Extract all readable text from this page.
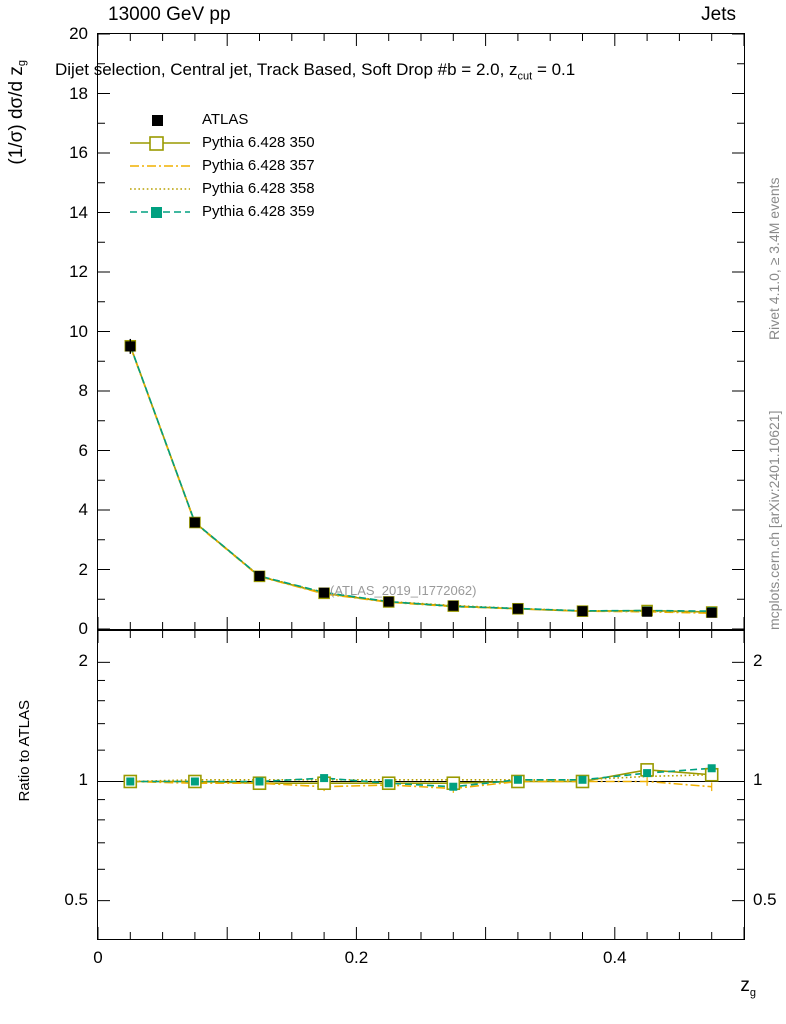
13000 GeV pp	Jets
Rivet 4.1.0, ≥ 3.4M events
mcplots.cern.ch [arXiv:2401.10621]
(1/σ) dσ/d $z_g$
Ratio to ATLAS
$z_g$
0
2
4
6
8
10
12
14
16
18
20
Dijet selection, Central jet, Track Based, Soft Drop #b = 2.0, $z_{cut} = 0.1$
ATLAS
Pythia 6.428 350
Pythia 6.428 357
Pythia 6.428 358
Pythia 6.428 359
(ATLAS_2019_I1772062)
0.5	0.5
1	1
2	2
0	0.2	0.4
